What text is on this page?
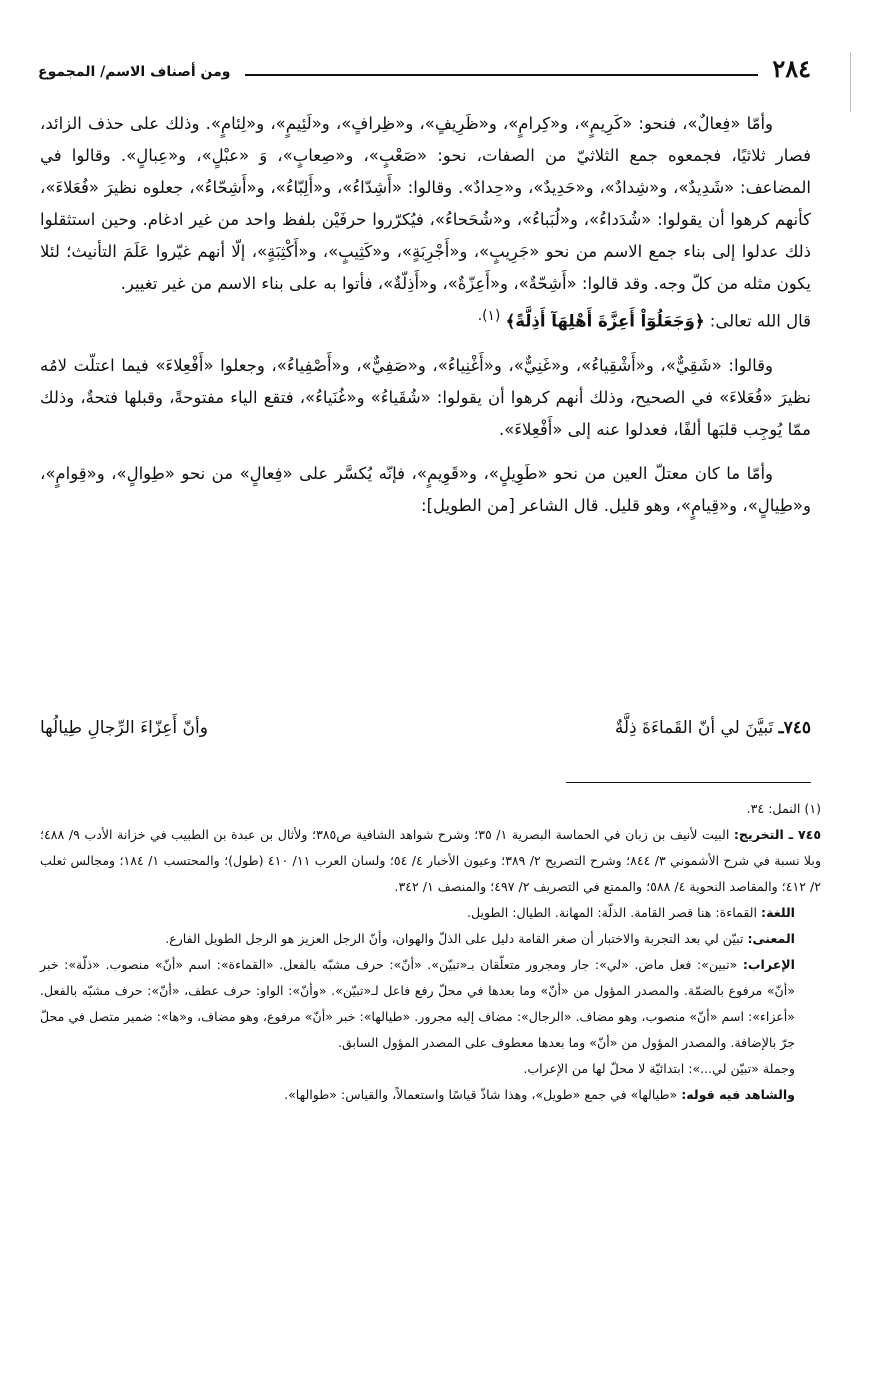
٢٨٤
ومن أصناف الاسم/ المجموع

وأمّا «فِعالٌ»، فنحو: «كَرِيمٍ»، و«كِرامٍ»، و«ظَرِيفٍ»، و«ظِرافٍ»، و«لَئِيمٍ»، و«لِئامٍ». وذلك على حذف الزائد، فصار ثلاثيًا، فجمعوه جمع الثلاثيّ من الصفات، نحو: «صَعْبٍ»، و«صِعابٍ»، وَ «عبْلٍ»، و«عِبالٍ». وقالوا في المضاعف: «شَدِيدٌ»، و«شِدادٌ»، و«حَدِيدٌ»، و«حِدادٌ». وقالوا: «أَشِدّاءُ»، و«أَلِبّاءُ»، و«أَشِحّاءُ»، جعلوه نظيرَ «فُعَلاءَ»، كأنهم كرهوا أن يقولوا: «شُدَداءُ»، و«لُبَباءُ»، و«شُحَحاءُ»، فيُكرّروا حرفَيْن بلفظ واحد من غير ادغام. وحين استثقلوا ذلك عدلوا إلى بناء جمع الاسم من نحو «جَرِيبٍ»، و«أَجْرِبَةٍ»، و«كَثِيبٍ»، و«أَكْثِبَةٍ»، إلّا أنهم غيّروا عَلَمَ التأنيث؛ لئلا يكون مثله من كلّ وجه. وقد قالوا: «أَشِحّةٌ»، و«أَعِزّةٌ»، و«أَذِلّةٌ»، فأتوا به على بناء الاسم من غير تغيير.

قال الله تعالى: ﴿وَجَعَلُوٓاْ أَعِزَّةَ أَهْلِهَآ أَذِلَّةً﴾ $^{(١).}$

وقالوا: «شَقِيٌّ»، و«أَشْقِياءُ»، و«غَنِيٌّ»، و«أَغْنِياءُ»، و«صَفِيٌّ»، و«أَصْفِياءُ»، وجعلوا «أَفْعِلاءَ» فيما اعتلّت لامُه نظيرَ «فُعَلاءَ» في الصحيح، وذلك أنهم كرهوا أن يقولوا: «شُقَياءُ» و«غُنَياءُ»، فتقع الياء مفتوحةً، وقبلها فتحةٌ، وذلك ممّا يُوجِب قلبَها ألفًا، فعدلوا عنه إلى «أَفْعِلاءَ».

وأمّا ما كان معتلّ العين من نحو «طَوِيلٍ»، و«قَوِيمٍ»، فإنّه يُكسَّر على «فِعالٍ» من نحو «طِوالٍ»، و«قِوامٍ»، و«طِيالٍ»، و«قِيامٍ»، وهو قليل. قال الشاعر [من الطويل]:

٧٤٥ـ تَبيَّنَ لي أنّ القَماءَةَ ذِلَّةٌ
وأنّ أَعِزّاءَ الرِّجالِ طِيالُها

(١) النمل: ٣٤.

٧٤٥ ـ التخريج: البيت لأنيف بن زبان في الحماسة البصرية ١/ ٣٥؛ وشرح شواهد الشافية ص٣٨٥؛ ولأثال بن عبدة بن الطبيب في خزانة الأدب ٩/ ٤٨٨؛ وبلا نسبة في شرح الأشموني ٣/ ٨٤٤؛ وشرح التصريح ٢/ ٣٨٩؛ وعيون الأخبار ٤/ ٥٤؛ ولسان العرب ١١/ ٤١٠ (طول)؛ والمحتسب ١/ ١٨٤؛ ومجالس ثعلب ٢/ ٤١٢؛ والمقاصد النحوية ٤/ ٥٨٨؛ والممتع في التصريف ٢/ ٤٩٧؛ والمنصف ١/ ٣٤٢.

اللغة: القماءة: هنا قصر القامة. الذلّة: المهانة. الطيال: الطويل.

المعنى: تبيّن لي بعد التجربة والاختبار أن صغر القامة دليل على الذلّ والهوان، وأنّ الرجل العزيز هو الرجل الطويل الفارع.

الإعراب: «تبين»: فعل ماض. «لي»: جار ومجرور متعلّقان بـ«تبيّن». «أنّ»: حرف مشبّه بالفعل. «القماءة»: اسم «أنّ» منصوب. «ذلّة»: خبر «أنّ» مرفوع بالضمّة. والمصدر المؤول من «أنّ» وما بعدها في محلّ رفع فاعل لـ«تبيّن». «وأنّ»: الواو: حرف عطف، «أنّ»: حرف مشبّه بالفعل. «أعزاء»: اسم «أنّ» منصوب، وهو مضاف. «الرجال»: مضاف إليه مجرور. «طيالها»: خبر «أنّ» مرفوع، وهو مضاف، و«ها»: ضمير متصل في محلّ جرّ بالإضافة. والمصدر المؤول من «أنّ» وما بعدها معطوف على المصدر المؤول السابق.

وجملة «تبيّن لي...»: ابتدائيّة لا محلّ لها من الإعراب.

والشاهد فيه قوله: «طيالها» في جمع «طويل»، وهذا شاذّ قياسًا واستعمالاً، والقياس: «طوالها».
